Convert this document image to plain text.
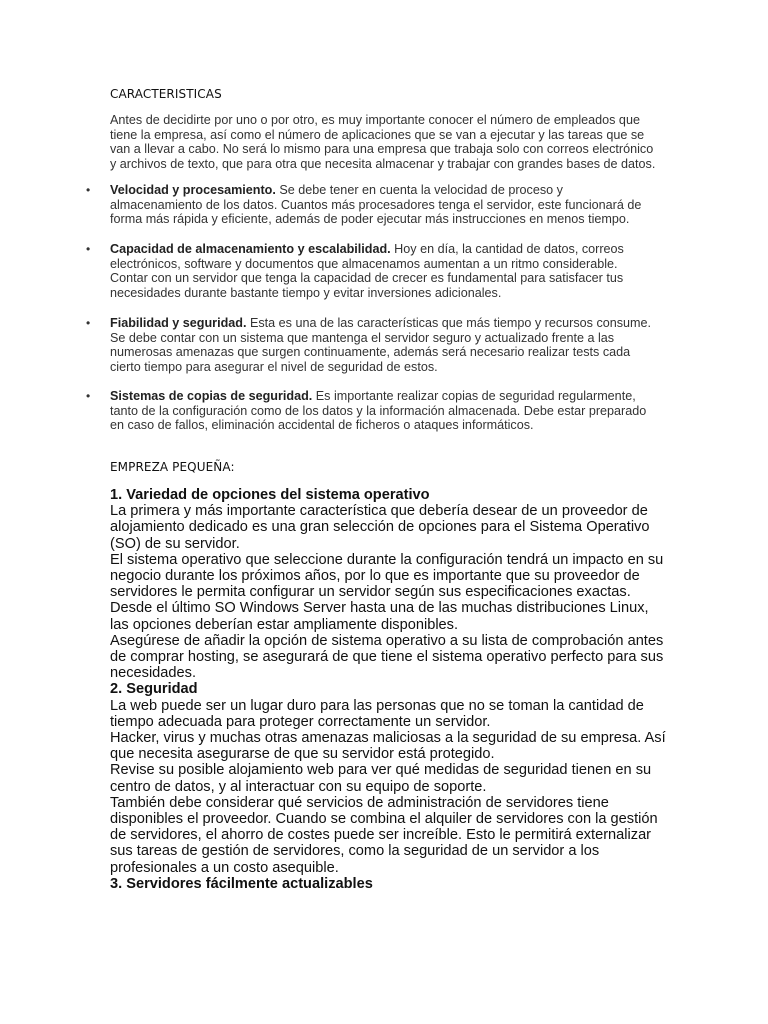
CARACTERISTICAS

Antes de decidirte por uno o por otro, es muy importante conocer el número de empleados que tiene la empresa, así como el número de aplicaciones que se van a ejecutar y las tareas que se van a llevar a cabo. No será lo mismo para una empresa que trabaja solo con correos electrónico y archivos de texto, que para otra que necesita almacenar y trabajar con grandes bases de datos.

• Velocidad y procesamiento. Se debe tener en cuenta la velocidad de proceso y almacenamiento de los datos. Cuantos más procesadores tenga el servidor, este funcionará de forma más rápida y eficiente, además de poder ejecutar más instrucciones en menos tiempo.

• Capacidad de almacenamiento y escalabilidad. Hoy en día, la cantidad de datos, correos electrónicos, software y documentos que almacenamos aumentan a un ritmo considerable. Contar con un servidor que tenga la capacidad de crecer es fundamental para satisfacer tus necesidades durante bastante tiempo y evitar inversiones adicionales.

• Fiabilidad y seguridad. Esta es una de las características que más tiempo y recursos consume. Se debe contar con un sistema que mantenga el servidor seguro y actualizado frente a las numerosas amenazas que surgen continuamente, además será necesario realizar tests cada cierto tiempo para asegurar el nivel de seguridad de estos.

• Sistemas de copias de seguridad. Es importante realizar copias de seguridad regularmente, tanto de la configuración como de los datos y la información almacenada. Debe estar preparado en caso de fallos, eliminación accidental de ficheros o ataques informáticos.

EMPREZA PEQUEÑA:
1. Variedad de opciones del sistema operativo
La primera y más importante característica que debería desear de un proveedor de alojamiento dedicado es una gran selección de opciones para el Sistema Operativo (SO) de su servidor.
El sistema operativo que seleccione durante la configuración tendrá un impacto en su negocio durante los próximos años, por lo que es importante que su proveedor de servidores le permita configurar un servidor según sus especificaciones exactas.
Desde el último SO Windows Server hasta una de las muchas distribuciones Linux, las opciones deberían estar ampliamente disponibles.
Asegúrese de añadir la opción de sistema operativo a su lista de comprobación antes de comprar hosting, se asegurará de que tiene el sistema operativo perfecto para sus necesidades.
2. Seguridad
La web puede ser un lugar duro para las personas que no se toman la cantidad de tiempo adecuada para proteger correctamente un servidor.
Hacker, virus y muchas otras amenazas maliciosas a la seguridad de su empresa. Así que necesita asegurarse de que su servidor está protegido.
Revise su posible alojamiento web para ver qué medidas de seguridad tienen en su centro de datos, y al interactuar con su equipo de soporte.
También debe considerar qué servicios de administración de servidores tiene disponibles el proveedor. Cuando se combina el alquiler de servidores con la gestión de servidores, el ahorro de costes puede ser increíble. Esto le permitirá externalizar sus tareas de gestión de servidores, como la seguridad de un servidor a los profesionales a un costo asequible.
3. Servidores fácilmente actualizables
